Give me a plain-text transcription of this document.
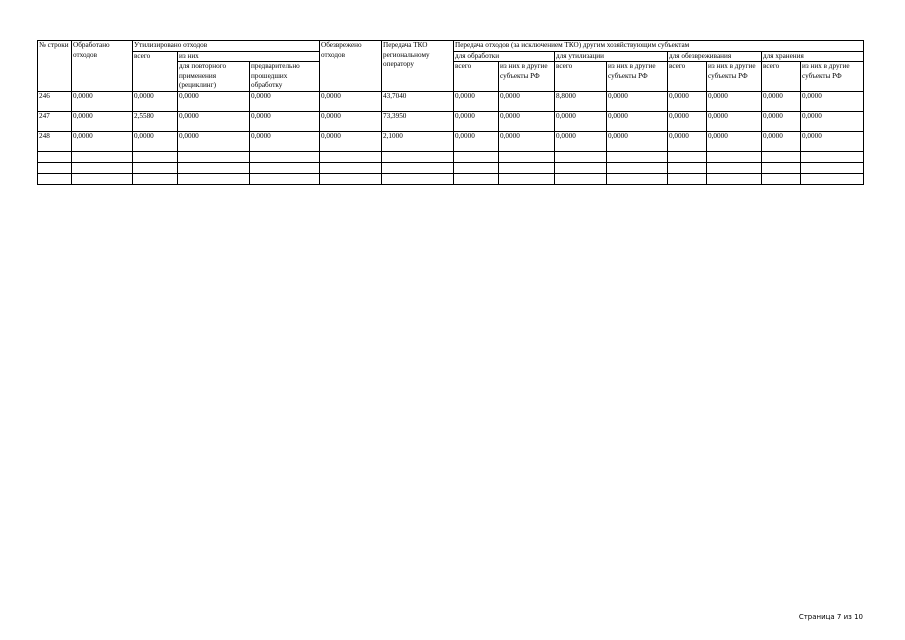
№ строки	Обработано отходов	Утилизировано отходов			Обезврежено отходов	Передача ТКО региональному оператору	Передача отходов (за исключением ТКО) другим хозяйствующим субъектам							
		всего	из них				для обработки		для утилизации		для обезвреживания		для хранения	
			для повторного применения (рециклинг)	предварительно прошедших обработку			всего	из них в другие субъекты РФ	всего	из них в другие субъекты РФ	всего	из них в другие субъекты РФ	всего	из них в другие субъекты РФ

246	0,0000	0,0000	0,0000	0,0000	0,0000	43,7040	0,0000	0,0000	8,8000	0,0000	0,0000	0,0000	0,0000	0,0000
247	0,0000	2,5580	0,0000	0,0000	0,0000	73,3950	0,0000	0,0000	0,0000	0,0000	0,0000	0,0000	0,0000	0,0000
248	0,0000	0,0000	0,0000	0,0000	0,0000	2,1000	0,0000	0,0000	0,0000	0,0000	0,0000	0,0000	0,0000	0,0000

Страница 7 из 10
